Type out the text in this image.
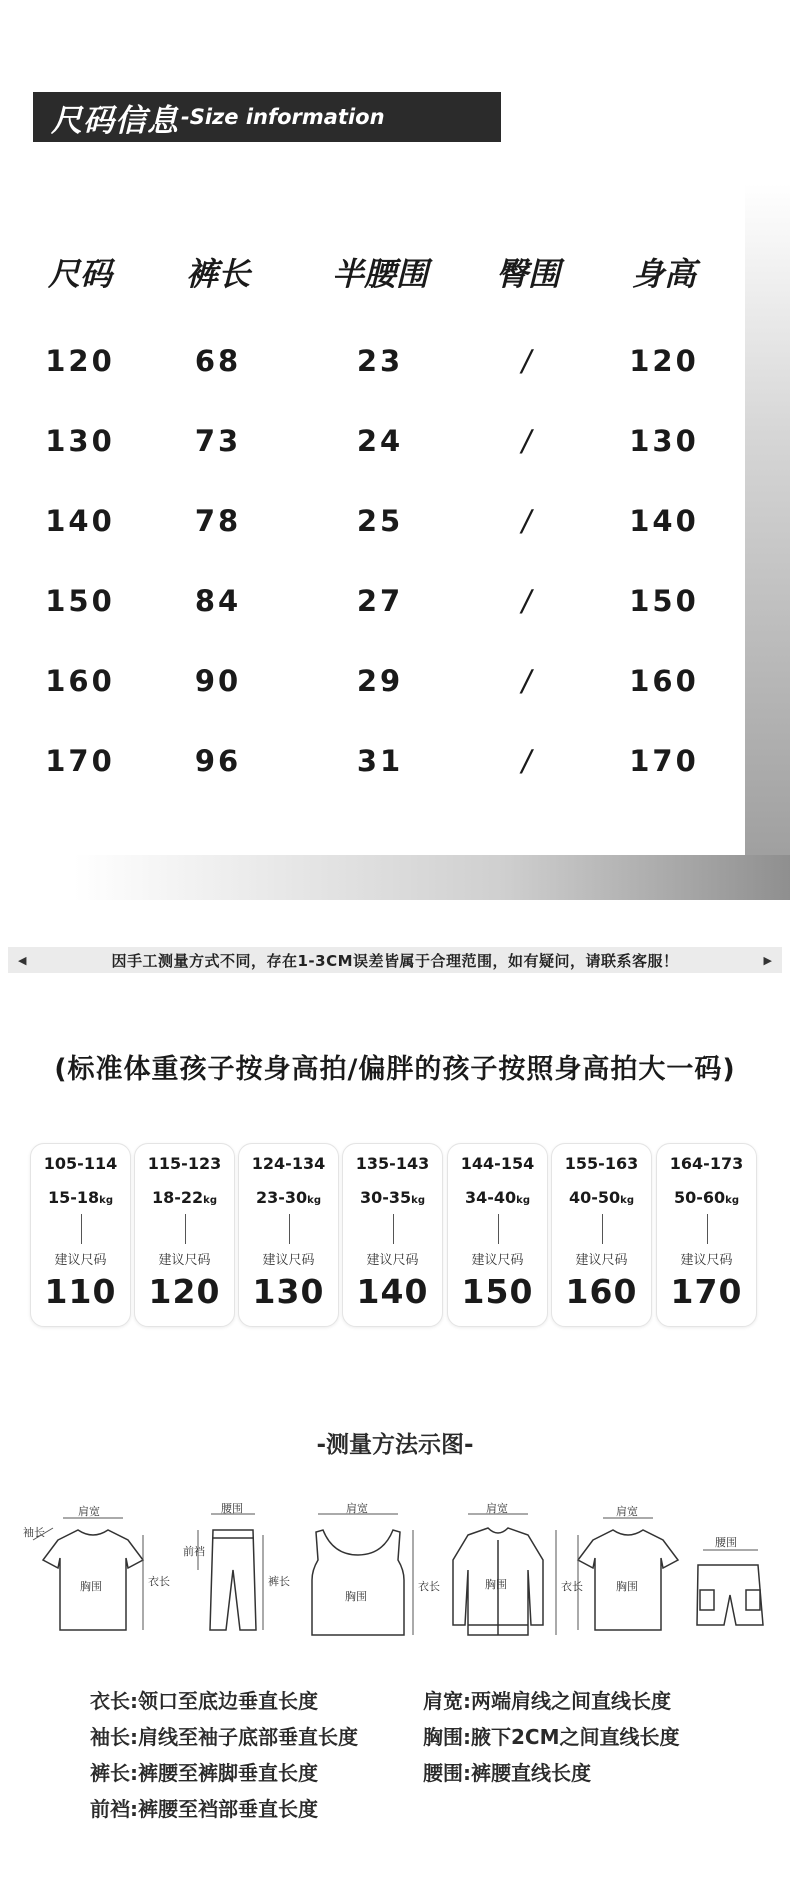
尺码信息 -Size information
尺码	裤长	半腰围	臀围	身高
120	68	23	/	120
130	73	24	/	130
140	78	25	/	140
150	84	27	/	150
160	90	29	/	160
170	96	31	/	170
◀	因手工测量方式不同，存在1-3CM误差皆属于合理范围，如有疑问，请联系客服！	▶
(标准体重孩子按身高拍/偏胖的孩子按照身高拍大一码)
105-114
15-18kg
建议尺码
110
115-123
18-22kg
建议尺码
120
124-134
23-30kg
建议尺码
130
135-143
30-35kg
建议尺码
140
144-154
34-40kg
建议尺码
150
155-163
40-50kg
建议尺码
160
164-173
50-60kg
建议尺码
170
-测量方法示图-
肩宽
袖长
胸围	衣长
腰围
前裆
裤长
肩宽
胸围
衣长
肩宽
胸围	衣长
肩宽
胸围
腰围
衣长:领口至底边垂直长度
袖长:肩线至袖子底部垂直长度
裤长:裤腰至裤脚垂直长度
前裆:裤腰至裆部垂直长度
肩宽:两端肩线之间直线长度
胸围:腋下2CM之间直线长度
腰围:裤腰直线长度
